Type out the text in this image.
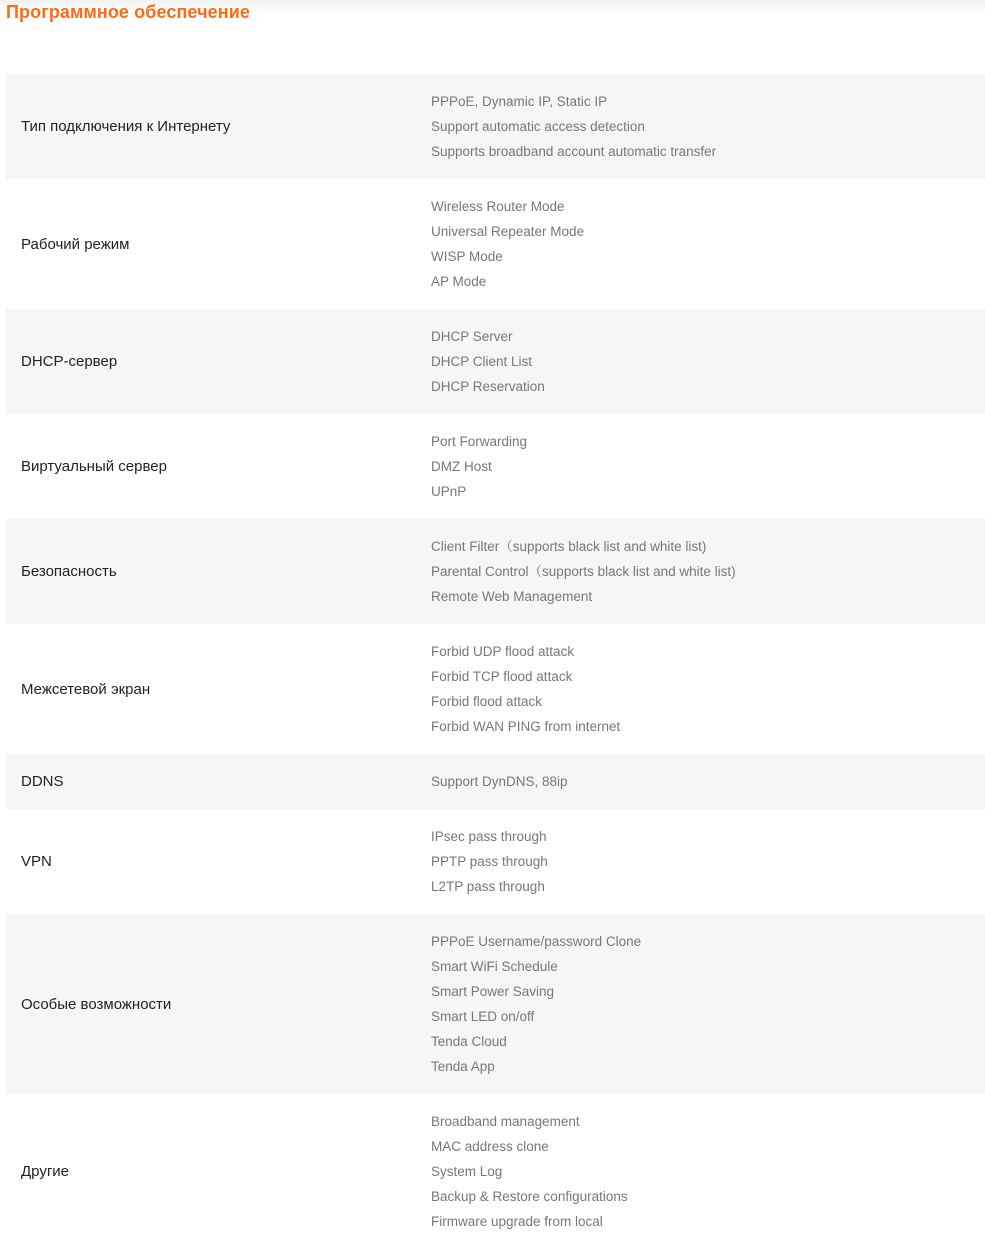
Программное обеспечение
Тип подключения к Интернету
PPPoE, Dynamic IP, Static IP
Support automatic access detection
Supports broadband account automatic transfer
Рабочий режим
Wireless Router Mode
Universal Repeater Mode
WISP Mode
AP Mode
DHCP-сервер
DHCP Server
DHCP Client List
DHCP Reservation
Виртуальный сервер
Port Forwarding
DMZ Host
UPnP
Безопасность
Client Filter（supports black list and white list)
Parental Control（supports black list and white list)
Remote Web Management
Межсетевой экран
Forbid UDP flood attack
Forbid TCP flood attack
Forbid flood attack
Forbid WAN PING from internet
DDNS	Support DynDNS, 88ip
VPN
IPsec pass through
PPTP pass through
L2TP pass through
Особые возможности
PPPoE Username/password Clone
Smart WiFi Schedule
Smart Power Saving
Smart LED on/off
Tenda Cloud
Tenda App
Другие
Broadband management
MAC address clone
System Log
Backup & Restore configurations
Firmware upgrade from local
